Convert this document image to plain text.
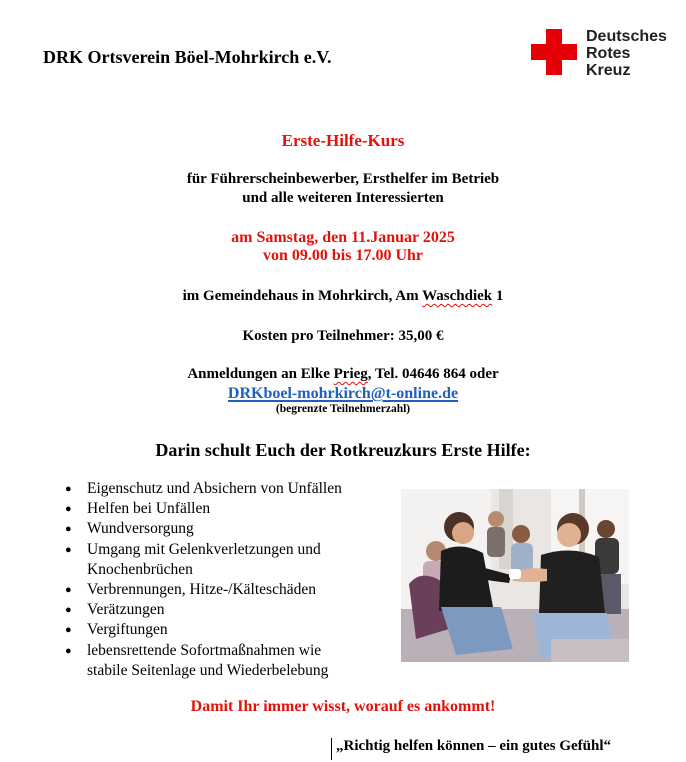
DRK Ortsverein Böel-Mohrkirch e.V.
Deutsches
Rotes
Kreuz
Erste-Hilfe-Kurs
für Führerscheinbewerber, Ersthelfer im Betrieb
und alle weiteren Interessierten
am Samstag, den 11.Januar 2025
von 09.00 bis 17.00 Uhr
im Gemeindehaus in Mohrkirch, Am Waschdiek 1
Kosten pro Teilnehmer: 35,00 €
Anmeldungen an Elke Prieg, Tel. 04646 864 oder
DRKboel-mohrkirch@t-online.de
(begrenzte Teilnehmerzahl)
Darin schult Euch der Rotkreuzkurs Erste Hilfe:
● Eigenschutz und Absichern von Unfällen
● Helfen bei Unfällen
● Wundversorgung
● Umgang mit Gelenkverletzungen und
Knochenbrüchen
● Verbrennungen, Hitze-/Kälteschäden
● Verätzungen
● Vergiftungen
● lebensrettende Sofortmaßnahmen wie
stabile Seitenlage und Wiederbelebung
Damit Ihr immer wisst, worauf es ankommt!
„Richtig helfen können – ein gutes Gefühl“
